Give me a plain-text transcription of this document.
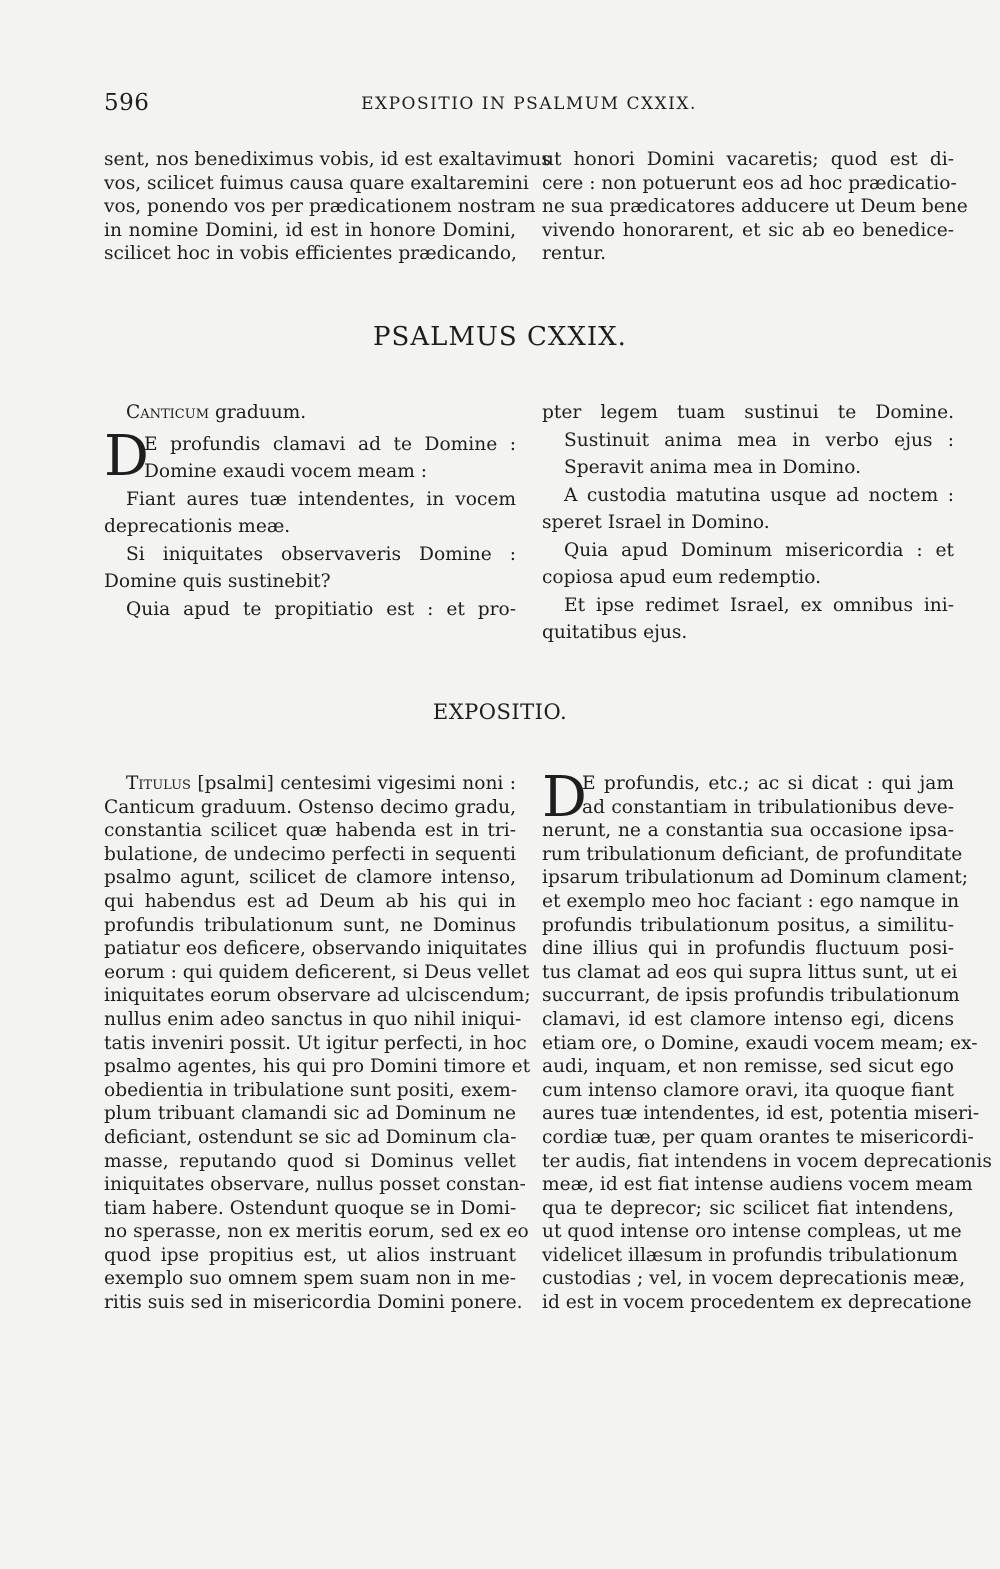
596	EXPOSITIO IN PSALMUM CXXIX.
sent, nos benediximus vobis, id est exaltavimus
vos, scilicet fuimus causa quare exaltaremini
vos, ponendo vos per prædicationem nostram
in nomine Domini, id est in honore Domini,
scilicet hoc in vobis efficientes prædicando,
ut honori Domini vacaretis; quod est di-
cere : non potuerunt eos ad hoc prædicatio-
ne sua prædicatores adducere ut Deum bene
vivendo honorarent, et sic ab eo benedice-
rentur.
PSALMUS CXXIX.
Canticum graduum.
D
E profundis clamavi ad te Domine :
Domine exaudi vocem meam :
Fiant aures tuæ intendentes, in vocem
deprecationis meæ.
Si iniquitates observaveris Domine :
Domine quis sustinebit?
Quia apud te propitiatio est : et pro-
pter legem tuam sustinui te Domine.
Sustinuit anima mea in verbo ejus :
Speravit anima mea in Domino.
A custodia matutina usque ad noctem :
speret Israel in Domino.
Quia apud Dominum misericordia : et
copiosa apud eum redemptio.
Et ipse redimet Israel, ex omnibus ini-
quitatibus ejus.
EXPOSITIO.
Titulus [psalmi] centesimi vigesimi noni :
Canticum graduum. Ostenso decimo gradu,
constantia scilicet quæ habenda est in tri-
bulatione, de undecimo perfecti in sequenti
psalmo agunt, scilicet de clamore intenso,
qui habendus est ad Deum ab his qui in
profundis tribulationum sunt, ne Dominus
patiatur eos deficere, observando iniquitates
eorum : qui quidem deficerent, si Deus vellet
iniquitates eorum observare ad ulciscendum;
nullus enim adeo sanctus in quo nihil iniqui-
tatis inveniri possit. Ut igitur perfecti, in hoc
psalmo agentes, his qui pro Domini timore et
obedientia in tribulatione sunt positi, exem-
plum tribuant clamandi sic ad Dominum ne
deficiant, ostendunt se sic ad Dominum cla-
masse, reputando quod si Dominus vellet
iniquitates observare, nullus posset constan-
tiam habere. Ostendunt quoque se in Domi-
no sperasse, non ex meritis eorum, sed ex eo
quod ipse propitius est, ut alios instruant
exemplo suo omnem spem suam non in me-
ritis suis sed in misericordia Domini ponere.
D
E profundis, etc.; ac si dicat : qui jam
ad constantiam in tribulationibus deve-
nerunt, ne a constantia sua occasione ipsa-
rum tribulationum deficiant, de profunditate
ipsarum tribulationum ad Dominum clament;
et exemplo meo hoc faciant : ego namque in
profundis tribulationum positus, a similitu-
dine illius qui in profundis fluctuum posi-
tus clamat ad eos qui supra littus sunt, ut ei
succurrant, de ipsis profundis tribulationum
clamavi, id est clamore intenso egi, dicens
etiam ore, o Domine, exaudi vocem meam; ex-
audi, inquam, et non remisse, sed sicut ego
cum intenso clamore oravi, ita quoque fiant
aures tuæ intendentes, id est, potentia miseri-
cordiæ tuæ, per quam orantes te misericordi-
ter audis, fiat intendens in vocem deprecationis
meæ, id est fiat intense audiens vocem meam
qua te deprecor; sic scilicet fiat intendens,
ut quod intense oro intense compleas, ut me
videlicet illæsum in profundis tribulationum
custodias ; vel, in vocem deprecationis meæ,
id est in vocem procedentem ex deprecatione
